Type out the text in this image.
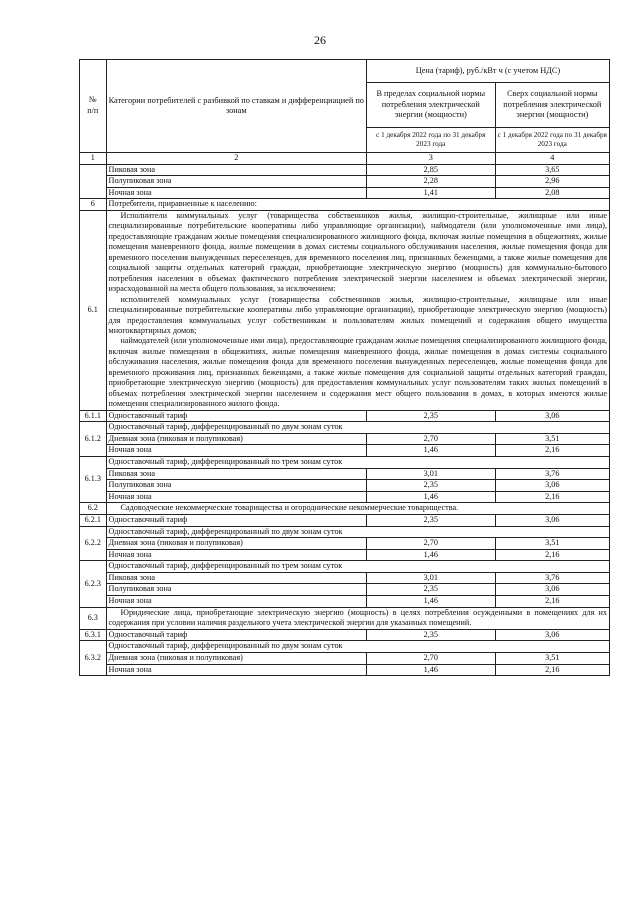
26
№
п/п	Категории потребителей с разбивкой по ставкам и дифференциацией по зонам	Цена (тариф), руб./кВт ч (с учетом НДС)	
		В пределах социальной нормы потребления электрической энергии (мощности)	Сверх социальной нормы потребления электрической энергии (мощности)
		с 1 декабря 2022 года по 31 декабря 2023 года	с 1 декабря 2022 года по 31 декабря 2023 года
1	2	3	4
	Пиковая зона	2,85	3,65
	Полупиковая зона	2,28	2,96
	Ночная зона	1,41	2,08
6	Потребители, приравненные к населению:		
6.1	Исполнители коммунальных услуг (товарищества собственников жилья, жилищно-строительные, жилищные или иные специализированные потребительские кооперативы либо управляющие организации), наймодатели (или уполномоченные ими лица), предоставляющие гражданам жилые помещения специализированного жилищного фонда, включая жилые помещения в общежитиях, жилые помещения маневренного фонда, жилые помещения в домах системы социального обслуживания населения, жилые помещения фонда для временного поселения вынужденных переселенцев, для временного поселения лиц, признанных беженцами, а также жилые помещения для социальной защиты отдельных категорий граждан, приобретающие электрическую энергию (мощность) для коммунально-бытового потребления населения в объемах фактического потребления электрической энергии населением и объемах электрической энергии, израсходованной на места общего пользования, за исключением:

исполнителей коммунальных услуг (товарищества собственников жилья, жилищно-строительные, жилищные или иные специализированные потребительские кооперативы либо управляющие организации), приобретающие электрическую энергию (мощность) для предоставления коммунальных услуг собственникам и пользователям жилых помещений и содержания общего имущества многоквартирных домов;

наймодателей (или уполномоченные ими лица), предоставляющие гражданам жилые помещения специализированного жилищного фонда, включая жилые помещения в общежитиях, жилые помещения маневренного фонда, жилые помещения в домах системы социального обслуживания населения, жилые помещения фонда для временного поселения вынужденных переселенцев, жилые помещения фонда для временного проживания лиц, признанных беженцами, а также жилые помещения для социальной защиты отдельных категорий граждан, приобретающие электрическую энергию (мощность) для предоставления коммунальных услуг пользователям таких жилых помещений в объемах потребления электрической энергии населением и содержания мест общего пользования в домах, в которых имеются жилые помещения специализированного жилого фонда.		

6.1.1	Одноставочный тариф	2,35	3,06
6.1.2	Одноставочный тариф, дифференцированный по двум зонам суток		
	Дневная зона (пиковая и полупиковая)	2,70	3,51
	Ночная зона	1,46	2,16
6.1.3	Одноставочный тариф, дифференцированный по трем зонам суток		
	Пиковая зона	3,01	3,76
	Полупиковая зона	2,35	3,06
	Ночная зона	1,46	2,16
6.2	Садоводческие некоммерческие товарищества и огороднические некоммерческие товарищества.		
6.2.1	Одноставочный тариф	2,35	3,06
6.2.2	Одноставочный тариф, дифференцированный по двум зонам суток		
	Дневная зона (пиковая и полупиковая)	2,70	3,51
	Ночная зона	1,46	2,16
6.2.3	Одноставочный тариф, дифференцированный по трем зонам суток		
	Пиковая зона	3,01	3,76
	Полупиковая зона	2,35	3,06
	Ночная зона	1,46	2,16
6.3	Юридические лица, приобретающие электрическую энергию (мощность) в целях потребления осужденными в помещениях для их содержания при условии наличия раздельного учета электрической энергии для указанных помещений.		
6.3.1	Одноставочный тариф	2,35	3,06
6.3.2	Одноставочный тариф, дифференцированный по двум зонам суток		
	Дневная зона (пиковая и полупиковая)	2,70	3,51
	Ночная зона	1,46	2,16
